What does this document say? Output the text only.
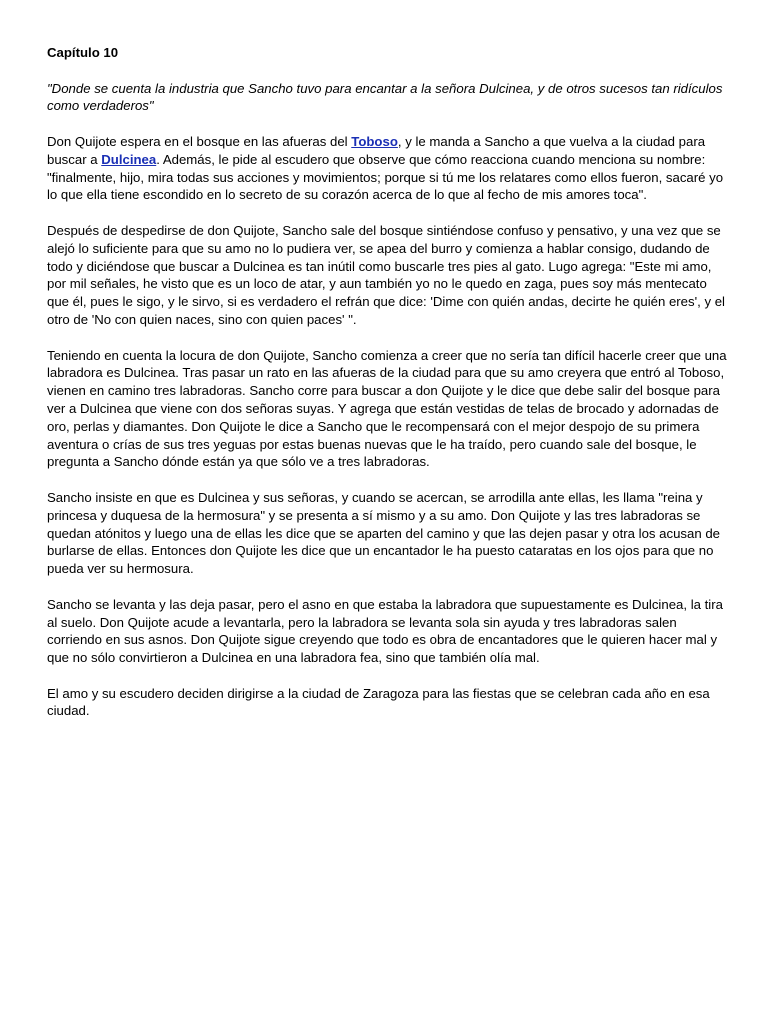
Capítulo 10
"Donde se cuenta la industria que Sancho tuvo para encantar a la señora Dulcinea, y de otros sucesos tan ridículos como verdaderos"

Don Quijote espera en el bosque en las afueras del Toboso, y le manda a Sancho a que vuelva a la ciudad para buscar a Dulcinea. Además, le pide al escudero que observe que cómo reacciona cuando menciona su nombre: "finalmente, hijo, mira todas sus acciones y movimientos; porque si tú me los relatares como ellos fueron, sacaré yo lo que ella tiene escondido en lo secreto de su corazón acerca de lo que al fecho de mis amores toca".

Después de despedirse de don Quijote, Sancho sale del bosque sintiéndose confuso y pensativo, y una vez que se alejó lo suficiente para que su amo no lo pudiera ver, se apea del burro y comienza a hablar consigo, dudando de todo y diciéndose que buscar a Dulcinea es tan inútil como buscarle tres pies al gato. Lugo agrega: "Este mi amo, por mil señales, he visto que es un loco de atar, y aun también yo no le quedo en zaga, pues soy más mentecato que él, pues le sigo, y le sirvo, si es verdadero el refrán que dice: 'Dime con quién andas, decirte he quién eres', y el otro de 'No con quien naces, sino con quien paces' ".

Teniendo en cuenta la locura de don Quijote, Sancho comienza a creer que no sería tan difícil hacerle creer que una labradora es Dulcinea. Tras pasar un rato en las afueras de la ciudad para que su amo creyera que entró al Toboso, vienen en camino tres labradoras. Sancho corre para buscar a don Quijote y le dice que debe salir del bosque para ver a Dulcinea que viene con dos señoras suyas. Y agrega que están vestidas de telas de brocado y adornadas de oro, perlas y diamantes. Don Quijote le dice a Sancho que le recompensará con el mejor despojo de su primera aventura o crías de sus tres yeguas por estas buenas nuevas que le ha traído, pero cuando sale del bosque, le pregunta a Sancho dónde están ya que sólo ve a tres labradoras.

Sancho insiste en que es Dulcinea y sus señoras, y cuando se acercan, se arrodilla ante ellas, les llama "reina y princesa y duquesa de la hermosura" y se presenta a sí mismo y a su amo. Don Quijote y las tres labradoras se quedan atónitos y luego una de ellas les dice que se aparten del camino y que las dejen pasar y otra los acusan de burlarse de ellas. Entonces don Quijote les dice que un encantador le ha puesto cataratas en los ojos para que no pueda ver su hermosura.

Sancho se levanta y las deja pasar, pero el asno en que estaba la labradora que supuestamente es Dulcinea, la tira al suelo. Don Quijote acude a levantarla, pero la labradora se levanta sola sin ayuda y tres labradoras salen corriendo en sus asnos. Don Quijote sigue creyendo que todo es obra de encantadores que le quieren hacer mal y que no sólo convirtieron a Dulcinea en una labradora fea, sino que también olía mal.

El amo y su escudero deciden dirigirse a la ciudad de Zaragoza para las fiestas que se celebran cada año en esa ciudad.
